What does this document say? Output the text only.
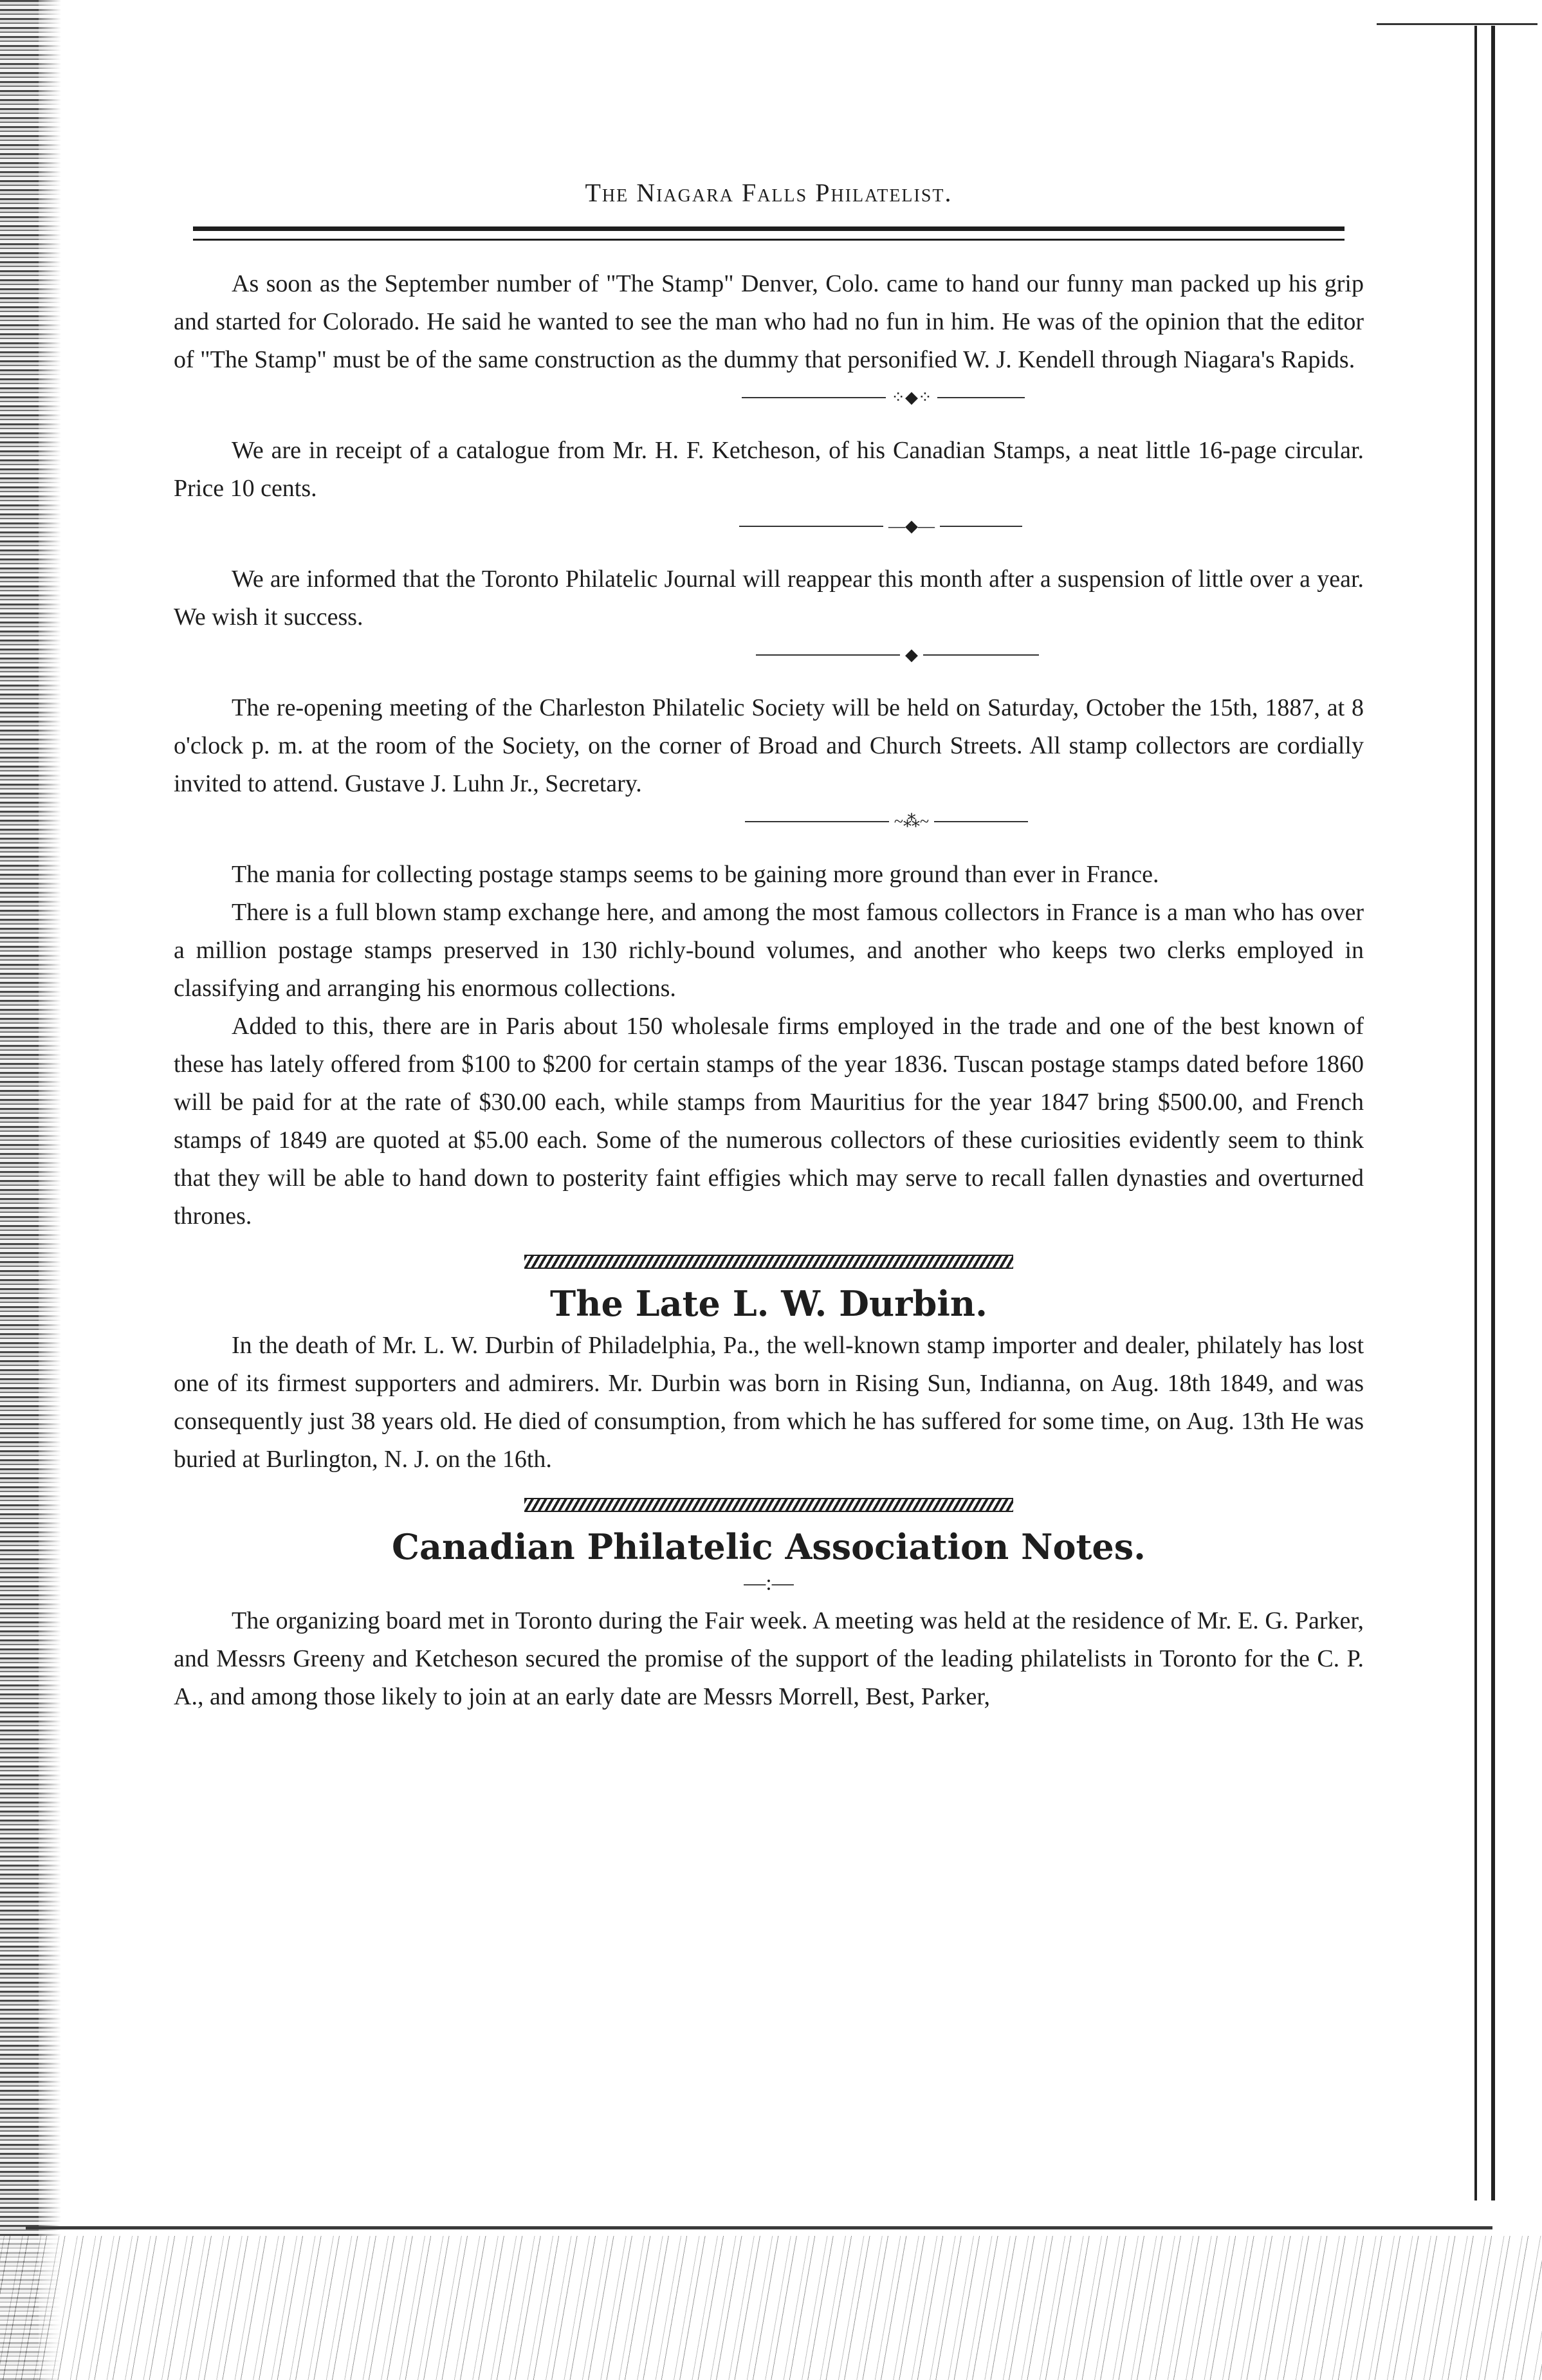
The Niagara Falls Philatelist.

As soon as the September number of "The Stamp" Denver, Colo. came to hand our funny man packed up his grip and started for Colorado. He said he wanted to see the man who had no fun in him. He was of the opinion that the editor of "The Stamp" must be of the same construction as the dummy that personified W. J. Kendell through Niagara's Rapids.

⁘◆⁘

We are in receipt of a catalogue from Mr. H. F. Ketcheson, of his Canadian Stamps, a neat little 16-page circular. Price 10 cents.

—◆—

We are informed that the Toronto Philatelic Journal will reappear this month after a suspension of little over a year. We wish it success.

◆

The re-opening meeting of the Charleston Philatelic Society will be held on Saturday, October the 15th, 1887, at 8 o'clock p. m. at the room of the Society, on the corner of Broad and Church Streets. All stamp collectors are cordially invited to attend. Gustave J. Luhn Jr., Secretary.

~⁂~

The mania for collecting postage stamps seems to be gaining more ground than ever in France.

There is a full blown stamp exchange here, and among the most famous collectors in France is a man who has over a million postage stamps preserved in 130 richly-bound volumes, and another who keeps two clerks employed in classifying and arranging his enormous collections.

Added to this, there are in Paris about 150 wholesale firms employed in the trade and one of the best known of these has lately offered from $100 to $200 for certain stamps of the year 1836. Tuscan postage stamps dated before 1860 will be paid for at the rate of $30.00 each, while stamps from Mauritius for the year 1847 bring $500.00, and French stamps of 1849 are quoted at $5.00 each. Some of the numerous collectors of these curiosities evidently seem to think that they will be able to hand down to posterity faint effigies which may serve to recall fallen dynasties and overturned thrones.

The Late L. W. Durbin.

In the death of Mr. L. W. Durbin of Philadelphia, Pa., the well-known stamp importer and dealer, philately has lost one of its firmest supporters and admirers. Mr. Durbin was born in Rising Sun, Indianna, on Aug. 18th 1849, and was consequently just 38 years old. He died of consumption, from which he has suffered for some time, on Aug. 13th He was buried at Burlington, N. J. on the 16th.

Canadian Philatelic Association Notes.
—:—

The organizing board met in Toronto during the Fair week. A meeting was held at the residence of Mr. E. G. Parker, and Messrs Greeny and Ketcheson secured the promise of the support of the leading philatelists in Toronto for the C. P. A., and among those likely to join at an early date are Messrs Morrell, Best, Parker,
